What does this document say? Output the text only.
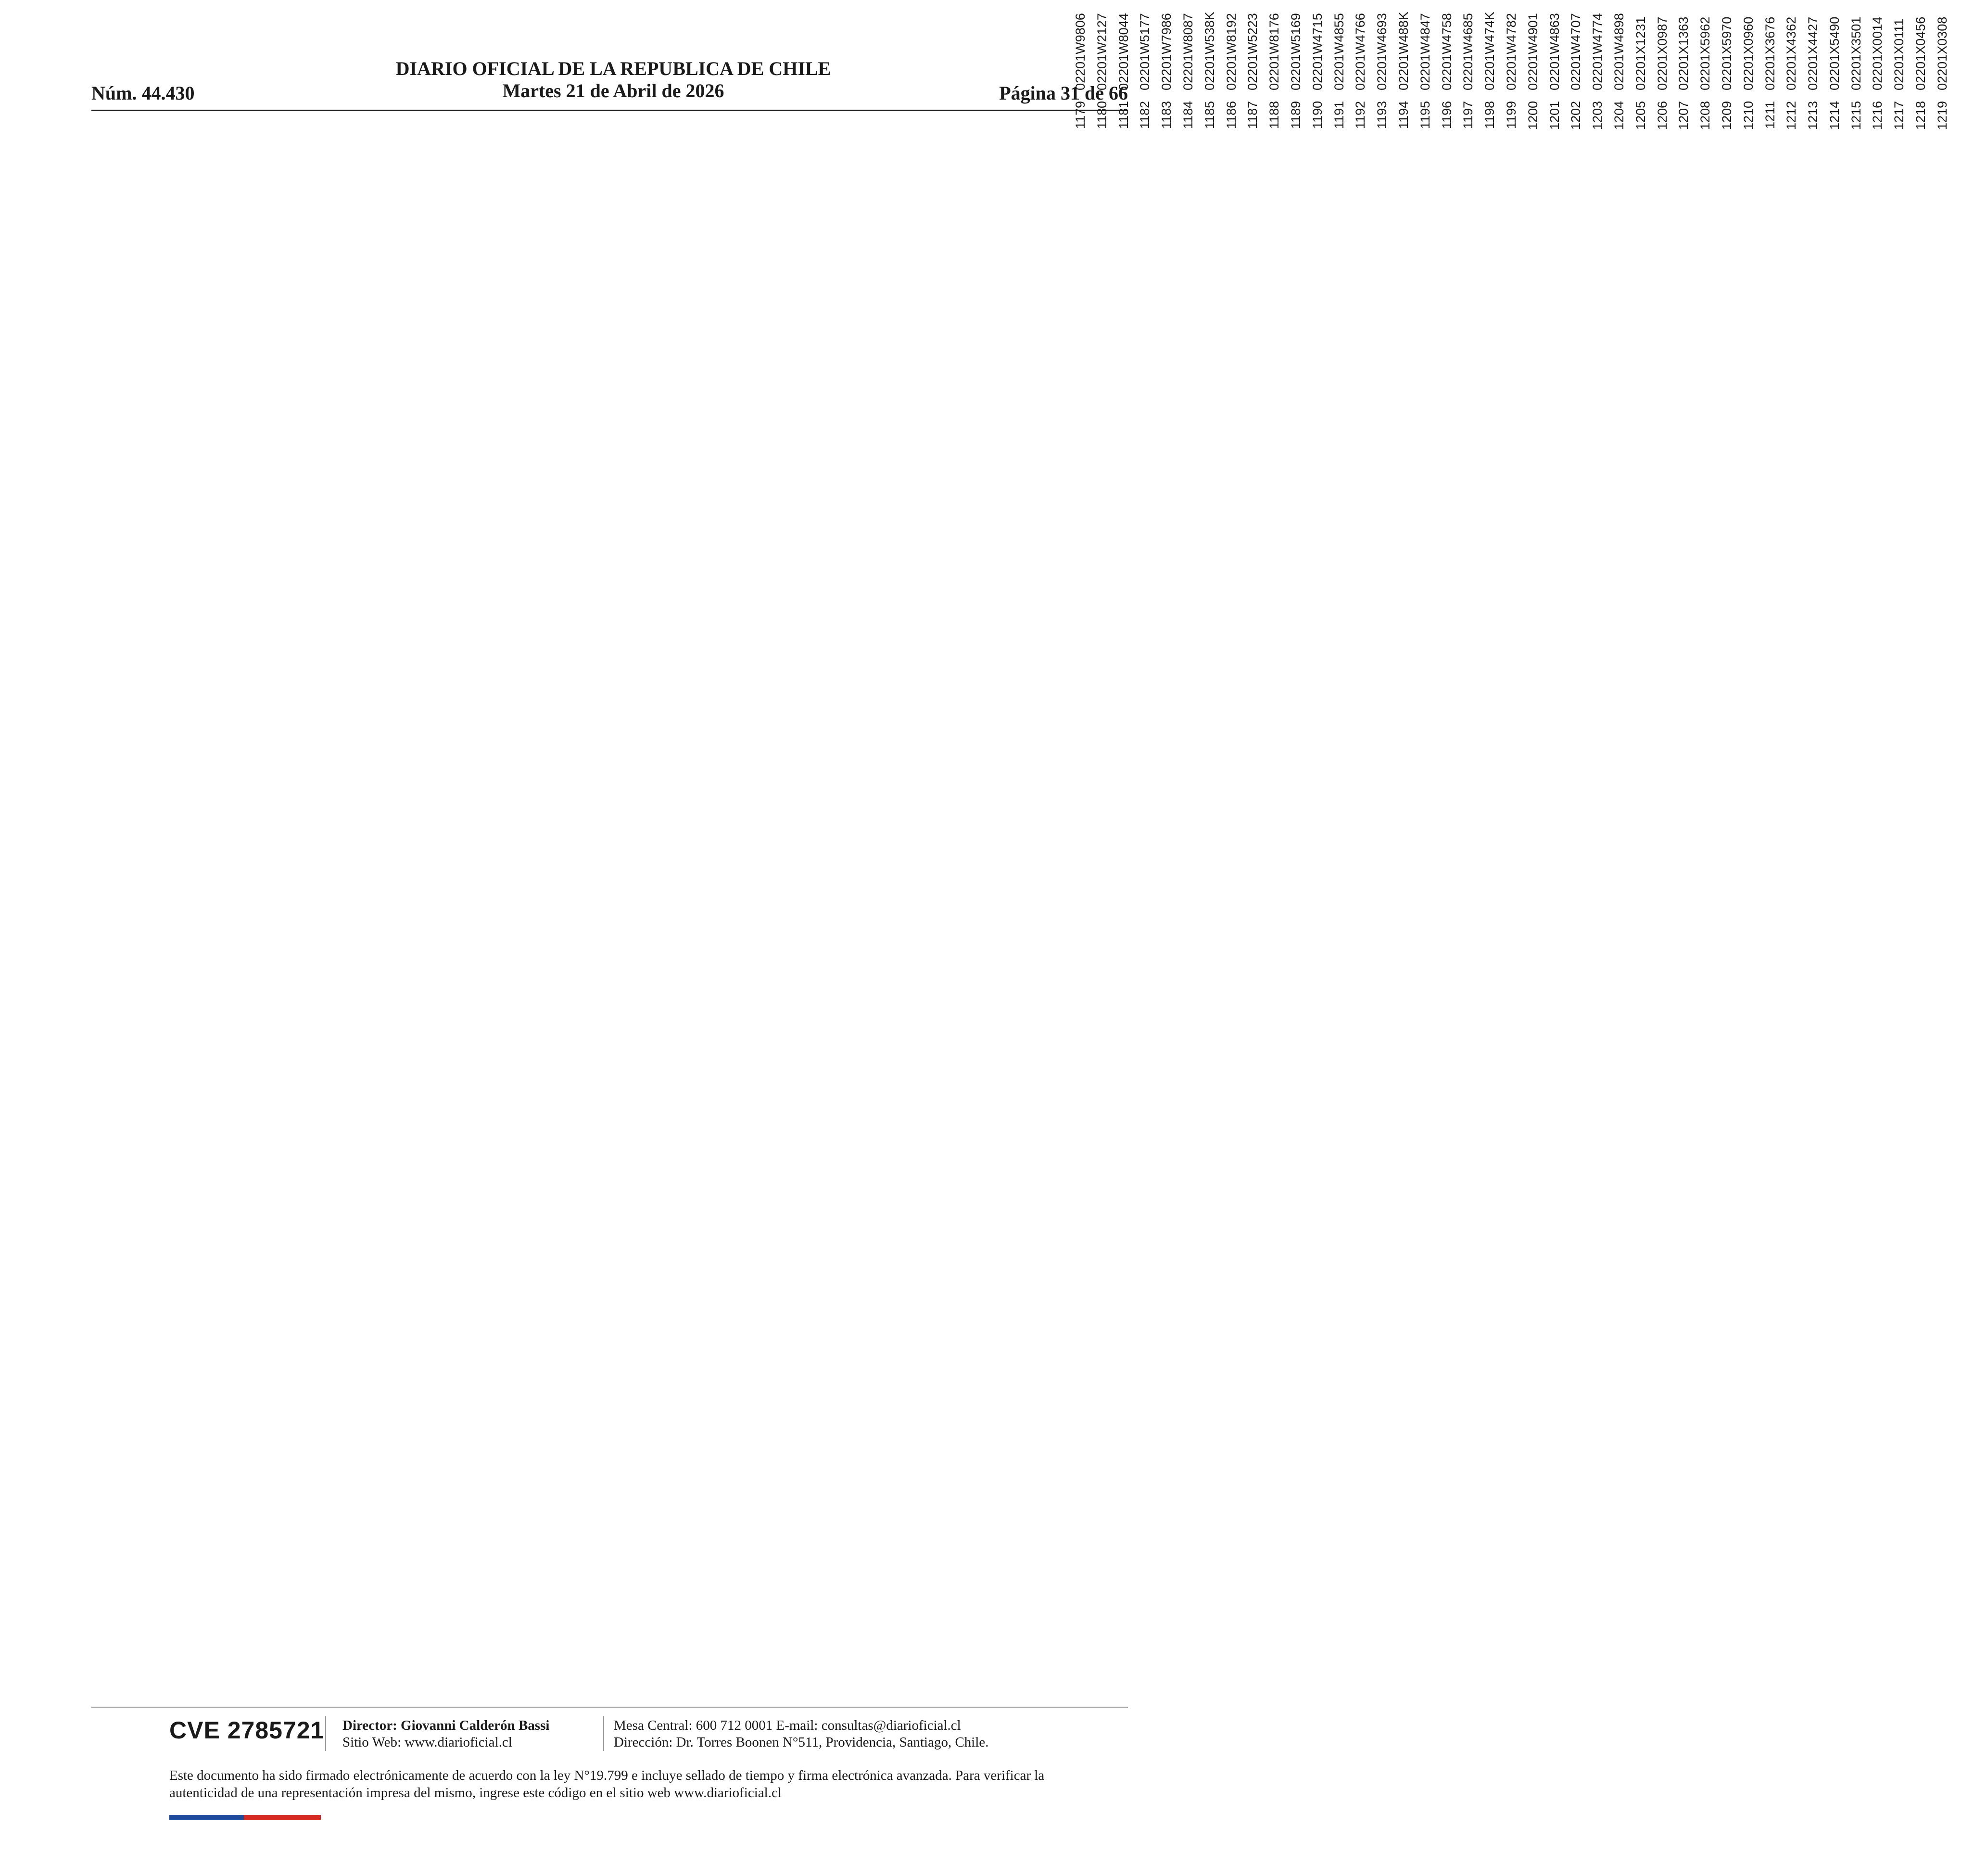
DIARIO OFICIAL DE LA REPUBLICA DE CHILE
Martes 21 de Abril de 2026
Núm. 44.430	Página 31 de 66
1179	02201W9806													
1180	02201W2127													
1181	02201W8044													
1182	02201W5177													
1183	02201W7986													
1184	02201W8087													
1185	02201W538K													
1186	02201W8192													
1187	02201W5223													
1188	02201W8176													
1189	02201W5169													
1190	02201W4715													
1191	02201W4855													
1192	02201W4766													
1193	02201W4693													
1194	02201W488K													
1195	02201W4847													
1196	02201W4758													
1197	02201W4685													
1198	02201W474K													
1199	02201W4782													
1200	02201W4901													
1201	02201W4863													
1202	02201W4707													
1203	02201W4774													
1204	02201W4898													
1205	02201X1231													
1206	02201X0987													
1207	02201X1363													
1208	02201X5962													
1209	02201X5970													
1210	02201X0960													
1211	02201X3676													
1212	02201X4362													
1213	02201X4427													
1214	02201X5490													
1215	02201X3501													
1216	02201X0014													
1217	02201X0111													
1218	02201X0456													
1219	02201X0308													
CVE 2785721 Director: Giovanni Calderón Bassi
Sitio Web: www.diarioficial.cl
Mesa Central: 600 712 0001 E-mail: consultas@diarioficial.cl
Dirección: Dr. Torres Boonen N°511, Providencia, Santiago, Chile.
Este documento ha sido firmado electrónicamente de acuerdo con la ley N°19.799 e incluye sellado de tiempo y firma electrónica avanzada. Para verificar la autenticidad de una representación impresa del mismo, ingrese este código en el sitio web www.diarioficial.cl
